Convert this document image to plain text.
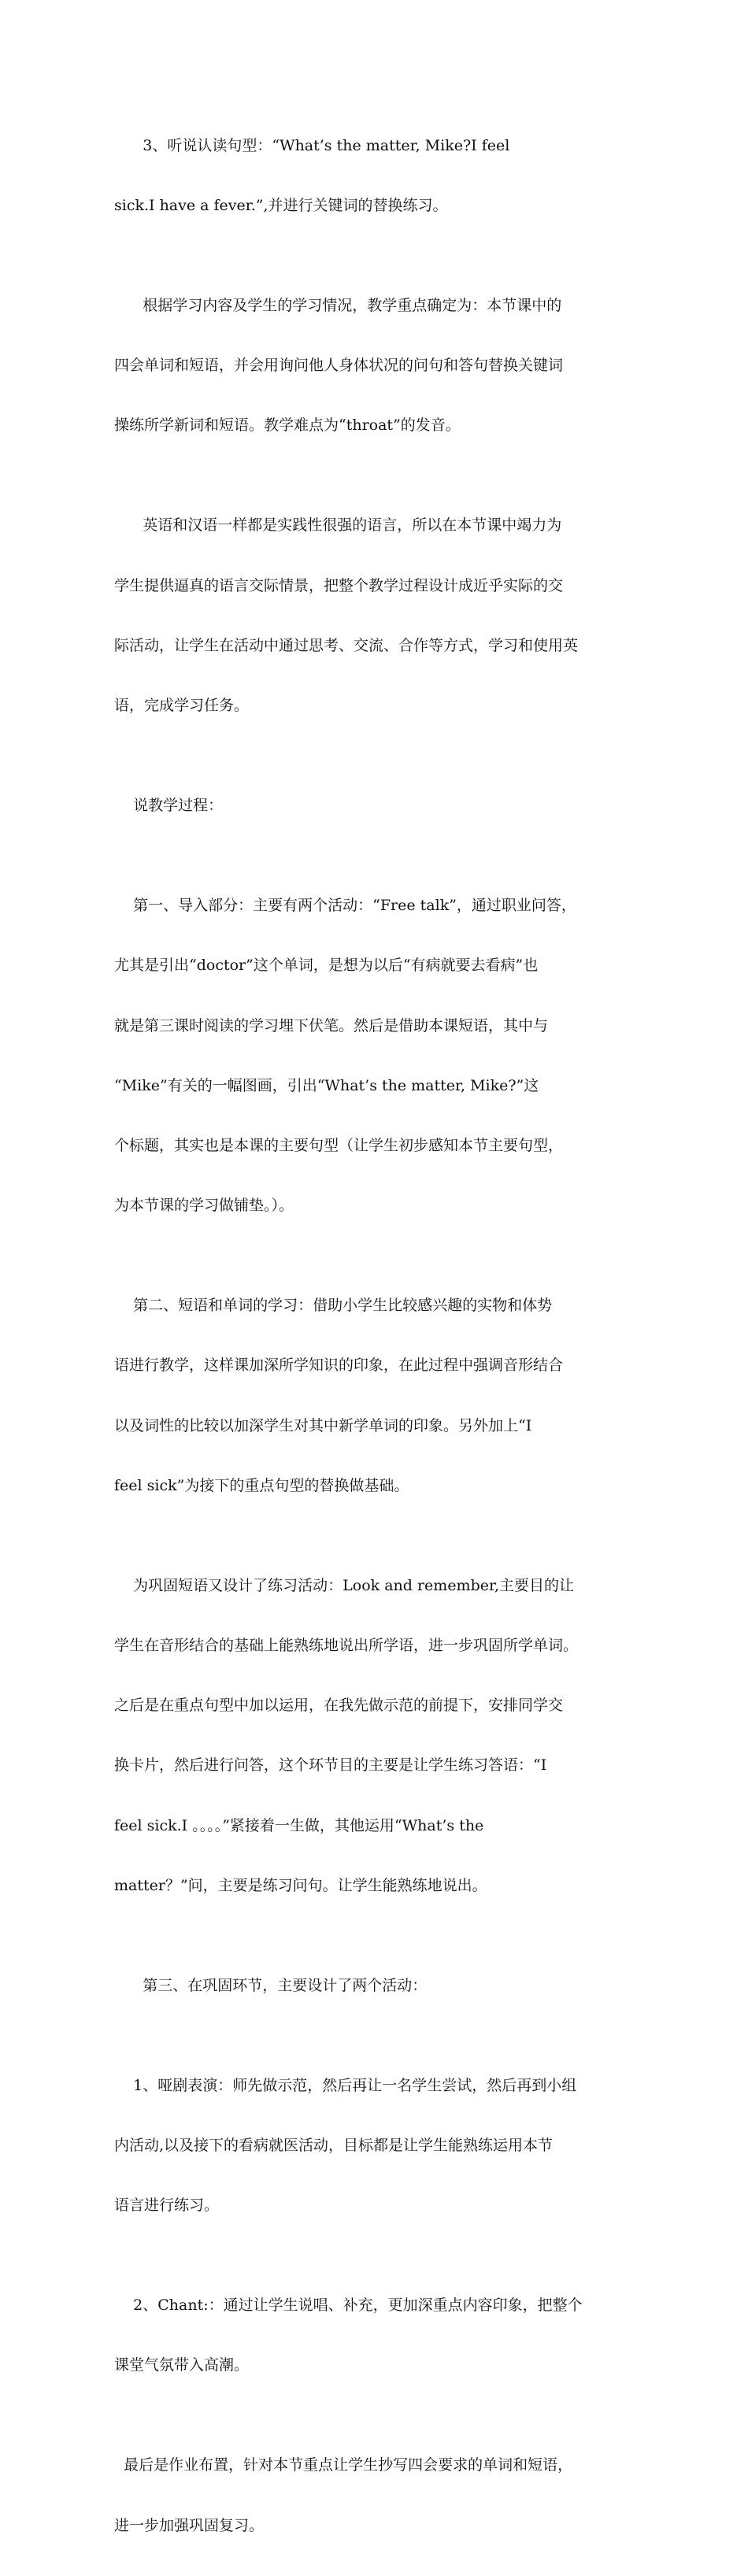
3、听说认读句型：“What’s the matter, Mike?I feel

sick.I have a fever.”,并进行关键词的替换练习。

根据学习内容及学生的学习情况，教学重点确定为：本节课中的

四会单词和短语，并会用询问他人身体状况的问句和答句替换关键词

操练所学新词和短语。教学难点为“throat”的发音。

英语和汉语一样都是实践性很强的语言，所以在本节课中竭力为

学生提供逼真的语言交际情景，把整个教学过程设计成近乎实际的交

际活动，让学生在活动中通过思考、交流、合作等方式，学习和使用英

语，完成学习任务。

说教学过程：

第一、导入部分：主要有两个活动：“Free talk”，通过职业问答，

尤其是引出“doctor”这个单词，是想为以后“有病就要去看病”也

就是第三课时阅读的学习埋下伏笔。然后是借助本课短语，其中与

“Mike”有关的一幅图画，引出“What’s the matter, Mike?”这

个标题，其实也是本课的主要句型（让学生初步感知本节主要句型，

为本节课的学习做铺垫。）。

第二、短语和单词的学习：借助小学生比较感兴趣的实物和体势

语进行教学，这样课加深所学知识的印象，在此过程中强调音形结合

以及词性的比较以加深学生对其中新学单词的印象。另外加上“I

feel sick”为接下的重点句型的替换做基础。

为巩固短语又设计了练习活动：Look and remember,主要目的让

学生在音形结合的基础上能熟练地说出所学语，进一步巩固所学单词。

之后是在重点句型中加以运用，在我先做示范的前提下，安排同学交

换卡片，然后进行问答，这个环节目的主要是让学生练习答语：“I

feel sick.I 。。。。”紧接着一生做，其他运用“What’s the

matter？”问，主要是练习问句。让学生能熟练地说出。

第三、在巩固环节，主要设计了两个活动：

1、哑剧表演：师先做示范，然后再让一名学生尝试，然后再到小组

内活动,以及接下的看病就医活动，目标都是让学生能熟练运用本节

语言进行练习。

2、Chant:：通过让学生说唱、补充，更加深重点内容印象，把整个

课堂气氛带入高潮。

最后是作业布置，针对本节重点让学生抄写四会要求的单词和短语，

进一步加强巩固复习。
